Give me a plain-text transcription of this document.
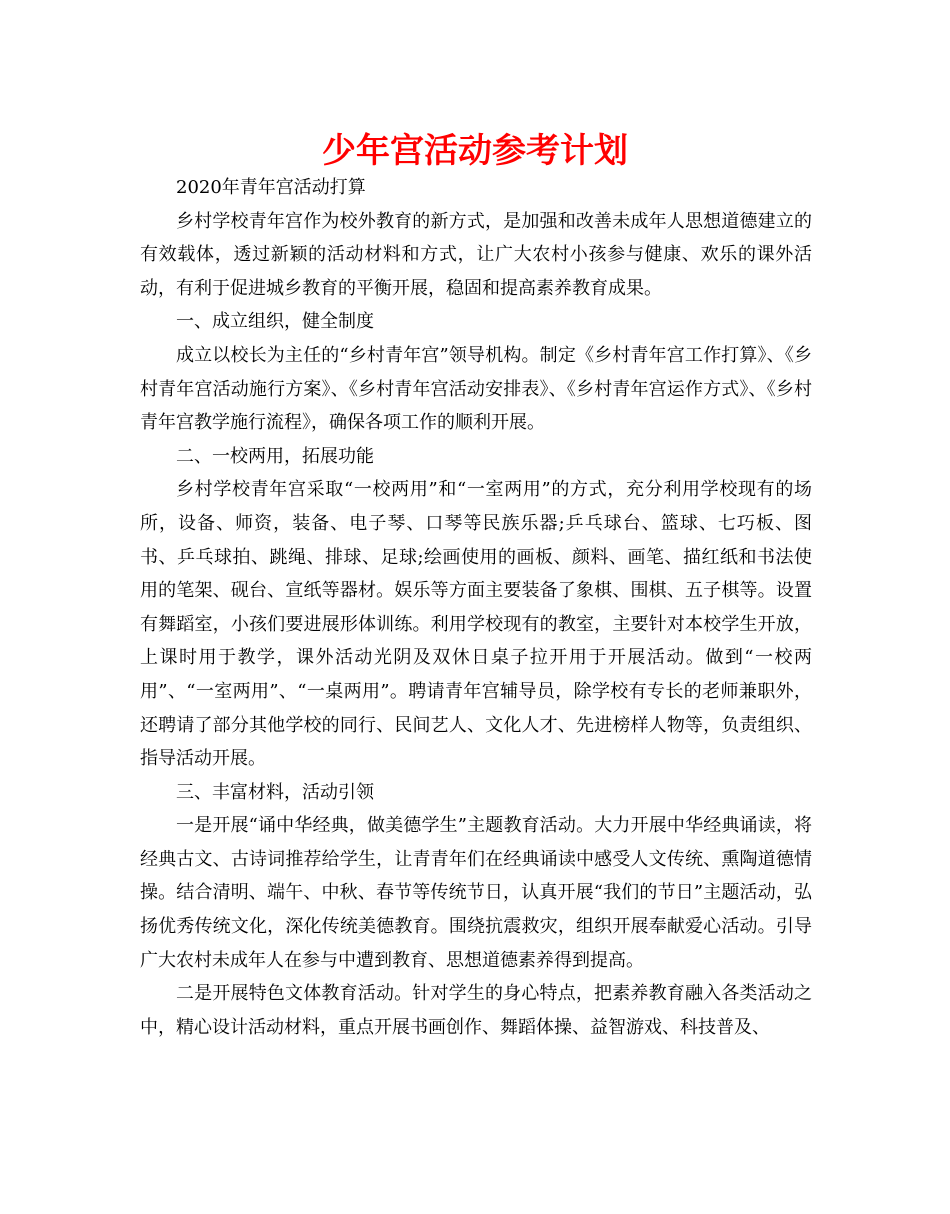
少年宫活动参考计划

2020年青年宫活动打算

乡村学校青年宫作为校外教育的新方式，是加强和改善未成年人思想道德建立的有效载体，透过新颖的活动材料和方式，让广大农村小孩参与健康、欢乐的课外活动，有利于促进城乡教育的平衡开展，稳固和提高素养教育成果。

一、成立组织，健全制度

成立以校长为主任的“乡村青年宫”领导机构。制定《乡村青年宫工作打算》、《乡村青年宫活动施行方案》、《乡村青年宫活动安排表》、《乡村青年宫运作方式》、《乡村青年宫教学施行流程》，确保各项工作的顺利开展。

二、一校两用，拓展功能

乡村学校青年宫采取“一校两用”和“一室两用”的方式，充分利用学校现有的场所，设备、师资，装备、电子琴、口琴等民族乐器;乒乓球台、篮球、七巧板、图书、乒乓球拍、跳绳、排球、足球;绘画使用的画板、颜料、画笔、描红纸和书法使用的笔架、砚台、宣纸等器材。娱乐等方面主要装备了象棋、围棋、五子棋等。设置有舞蹈室，小孩们要进展形体训练。利用学校现有的教室，主要针对本校学生开放，上课时用于教学，课外活动光阴及双休日桌子拉开用于开展活动。做到“一校两用”、“一室两用”、“一桌两用”。聘请青年宫辅导员，除学校有专长的老师兼职外，还聘请了部分其他学校的同行、民间艺人、文化人才、先进榜样人物等，负责组织、指导活动开展。

三、丰富材料，活动引领

一是开展“诵中华经典，做美德学生”主题教育活动。大力开展中华经典诵读，将经典古文、古诗词推荐给学生，让青青年们在经典诵读中感受人文传统、熏陶道德情操。结合清明、端午、中秋、春节等传统节日，认真开展“我们的节日”主题活动，弘扬优秀传统文化，深化传统美德教育。围绕抗震救灾，组织开展奉献爱心活动。引导广大农村未成年人在参与中遭到教育、思想道德素养得到提高。

二是开展特色文体教育活动。针对学生的身心特点，把素养教育融入各类活动之中，精心设计活动材料，重点开展书画创作、舞蹈体操、益智游戏、科技普及、
